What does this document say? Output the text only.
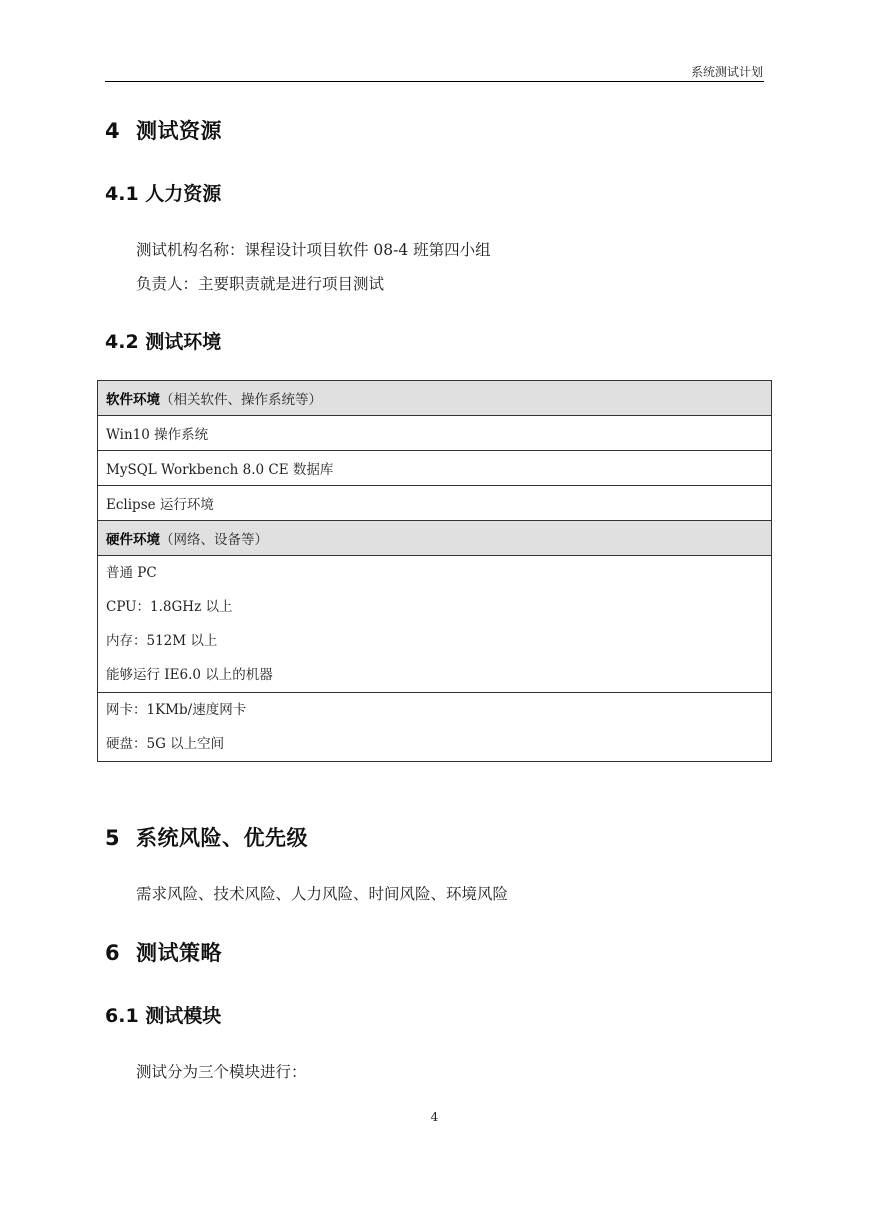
系统测试计划
4 测试资源
4.1 人力资源
测试机构名称：课程设计项目软件 08-4 班第四小组
负责人：主要职责就是进行项目测试
4.2 测试环境
软件环境（相关软件、操作系统等）
Win10 操作系统
MySQL Workbench 8.0 CE 数据库
Eclipse 运行环境
硬件环境（网络、设备等）

普通 PC
CPU：1.8GHz 以上
内存：512M 以上
能够运行 IE6.0 以上的机器

网卡：1KMb/速度网卡
硬盘：5G 以上空间
5 系统风险、优先级
需求风险、技术风险、人力风险、时间风险、环境风险
6 测试策略
6.1 测试模块
测试分为三个模块进行：
4
